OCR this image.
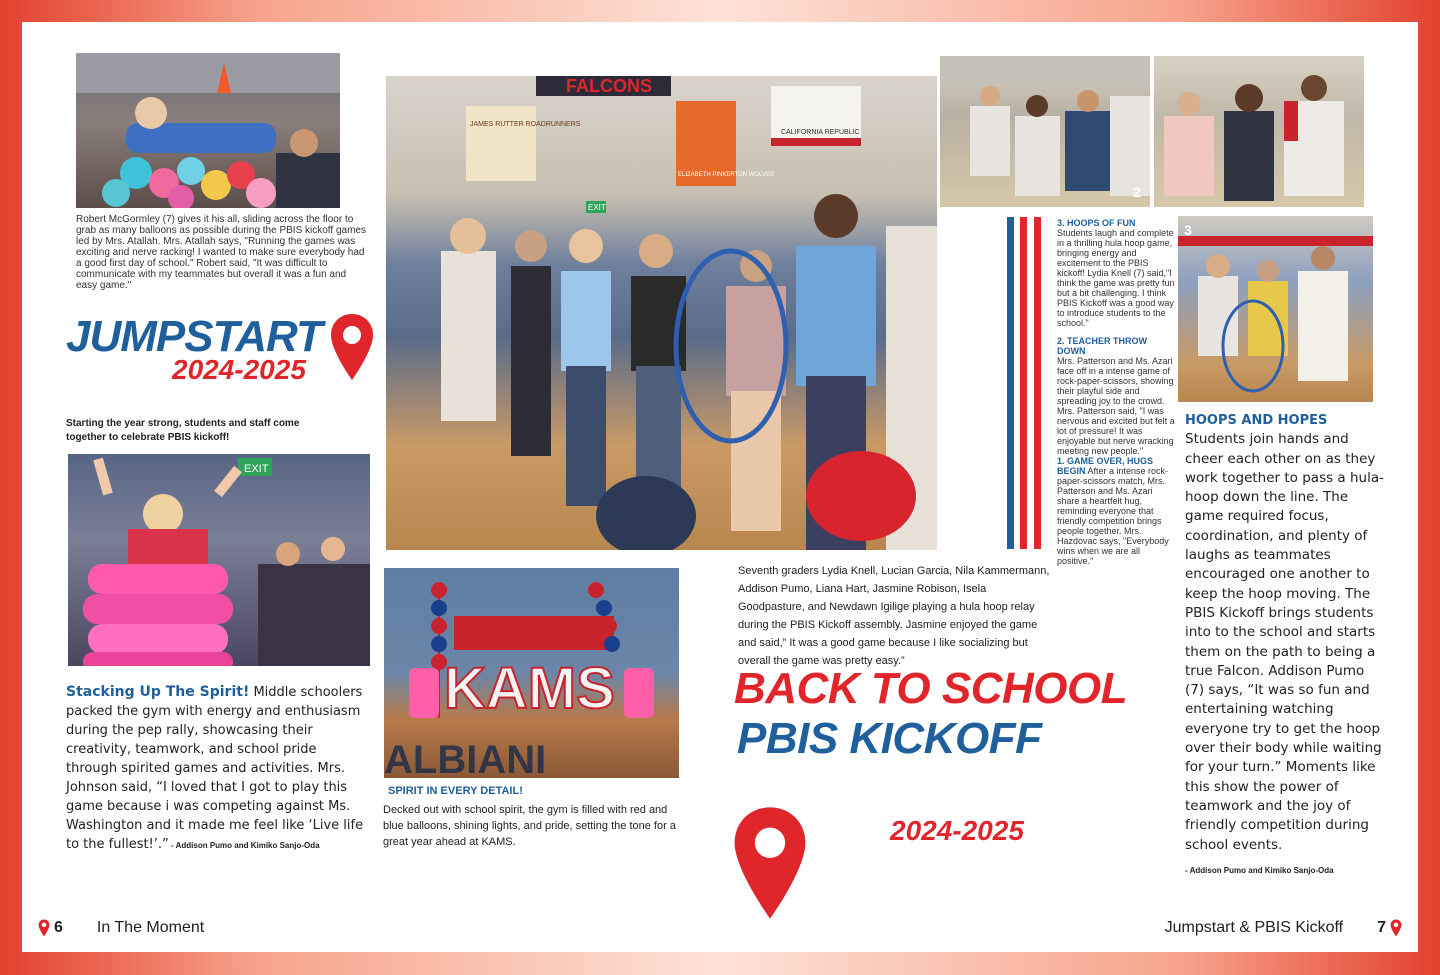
Robert McGormley (7) gives it his all, sliding across the floor to grab as many balloons as possible during the PBIS kickoff games led by Mrs. Atallah. Mrs. Atallah says, "Running the games was exciting and nerve racking! I wanted to make sure everybody had a good first day of school." Robert said, "It was difficult to communicate with my teammates but overall it was a fun and easy game."

JUMPSTART
2024-2025

Starting the year strong, students and staff come together to celebrate PBIS kickoff!

EXIT

Stacking Up The Spirit! Middle schoolers packed the gym with energy and enthusiasm during the pep rally, showcasing their creativity, teamwork, and school pride through spirited games and activities. Mrs. Johnson said, “I loved that I got to play this game because i was competing against Ms. Washington and it made me feel like ‘Live life to the fullest!’.” - Addison Pumo and Kimiko Sanjo-Oda

KAMS
ALBIANI
SPIRIT IN EVERY DETAIL!

Decked out with school spirit, the gym is filled with red and blue balloons, shining lights, and pride, setting the tone for a great year ahead at KAMS.

FALCONS
JAMES RUTTER ROADRUNNERS
ELIZABETH PINKERTON WOLVES
CALIFORNIA REPUBLIC
EXIT

Seventh graders Lydia Knell, Lucian Garcia, Nila Kammermann, Addison Pumo, Liana Hart, Jasmine Robison, Isela Goodpasture, and Newdawn Igilige playing a hula hoop relay during the PBIS Kickoff assembly. Jasmine enjoyed the game and said,” It was a good game because I like socializing but overall the game was pretty easy.”

BACK TO SCHOOL
PBIS KICKOFF
2024-2025
2
3
3. HOOPS OF FUN

Students laugh and complete in a thrilling hula hoop game, bringing energy and excitement to the PBIS kickoff! Lydia Knell (7) said,"I think the game was pretty fun but a bit challenging. I think PBIS Kickoff was a good way to introduce students to the school."

2. TEACHER THROW DOWN

Mrs. Patterson and Ms. Azari face off in a intense game of rock-paper-scissors, showing their playful side and spreading joy to the crowd. Mrs. Patterson said, "I was nervous and excited but felt a lot of pressure! It was enjoyable but nerve wracking meeting new people."

1. GAME OVER, HUGS BEGIN After a intense rock-paper-scissors match, Mrs. Patterson and Ms. Azari share a heartfelt hug, reminding everyone that friendly competition brings people together. Mrs. Hazdovac says, "Everybody wins when we are all positive."

HOOPS AND HOPES Students join hands and cheer each other on as they work together to pass a hula-hoop down the line. The game required focus, coordination, and plenty of laughs as teammates encouraged one another to keep the hoop moving. The PBIS Kickoff brings students into to the school and starts them on the path to being a true Falcon. Addison Pumo (7) says, “It was so fun and entertaining watching everyone try to get the hoop over their body while waiting for your turn.” Moments like this show the power of teamwork and the joy of friendly competition during school events.

- Addison Pumo and Kimiko Sanjo-Oda
6 In The Moment	Jumpstart & PBIS Kickoff 7
